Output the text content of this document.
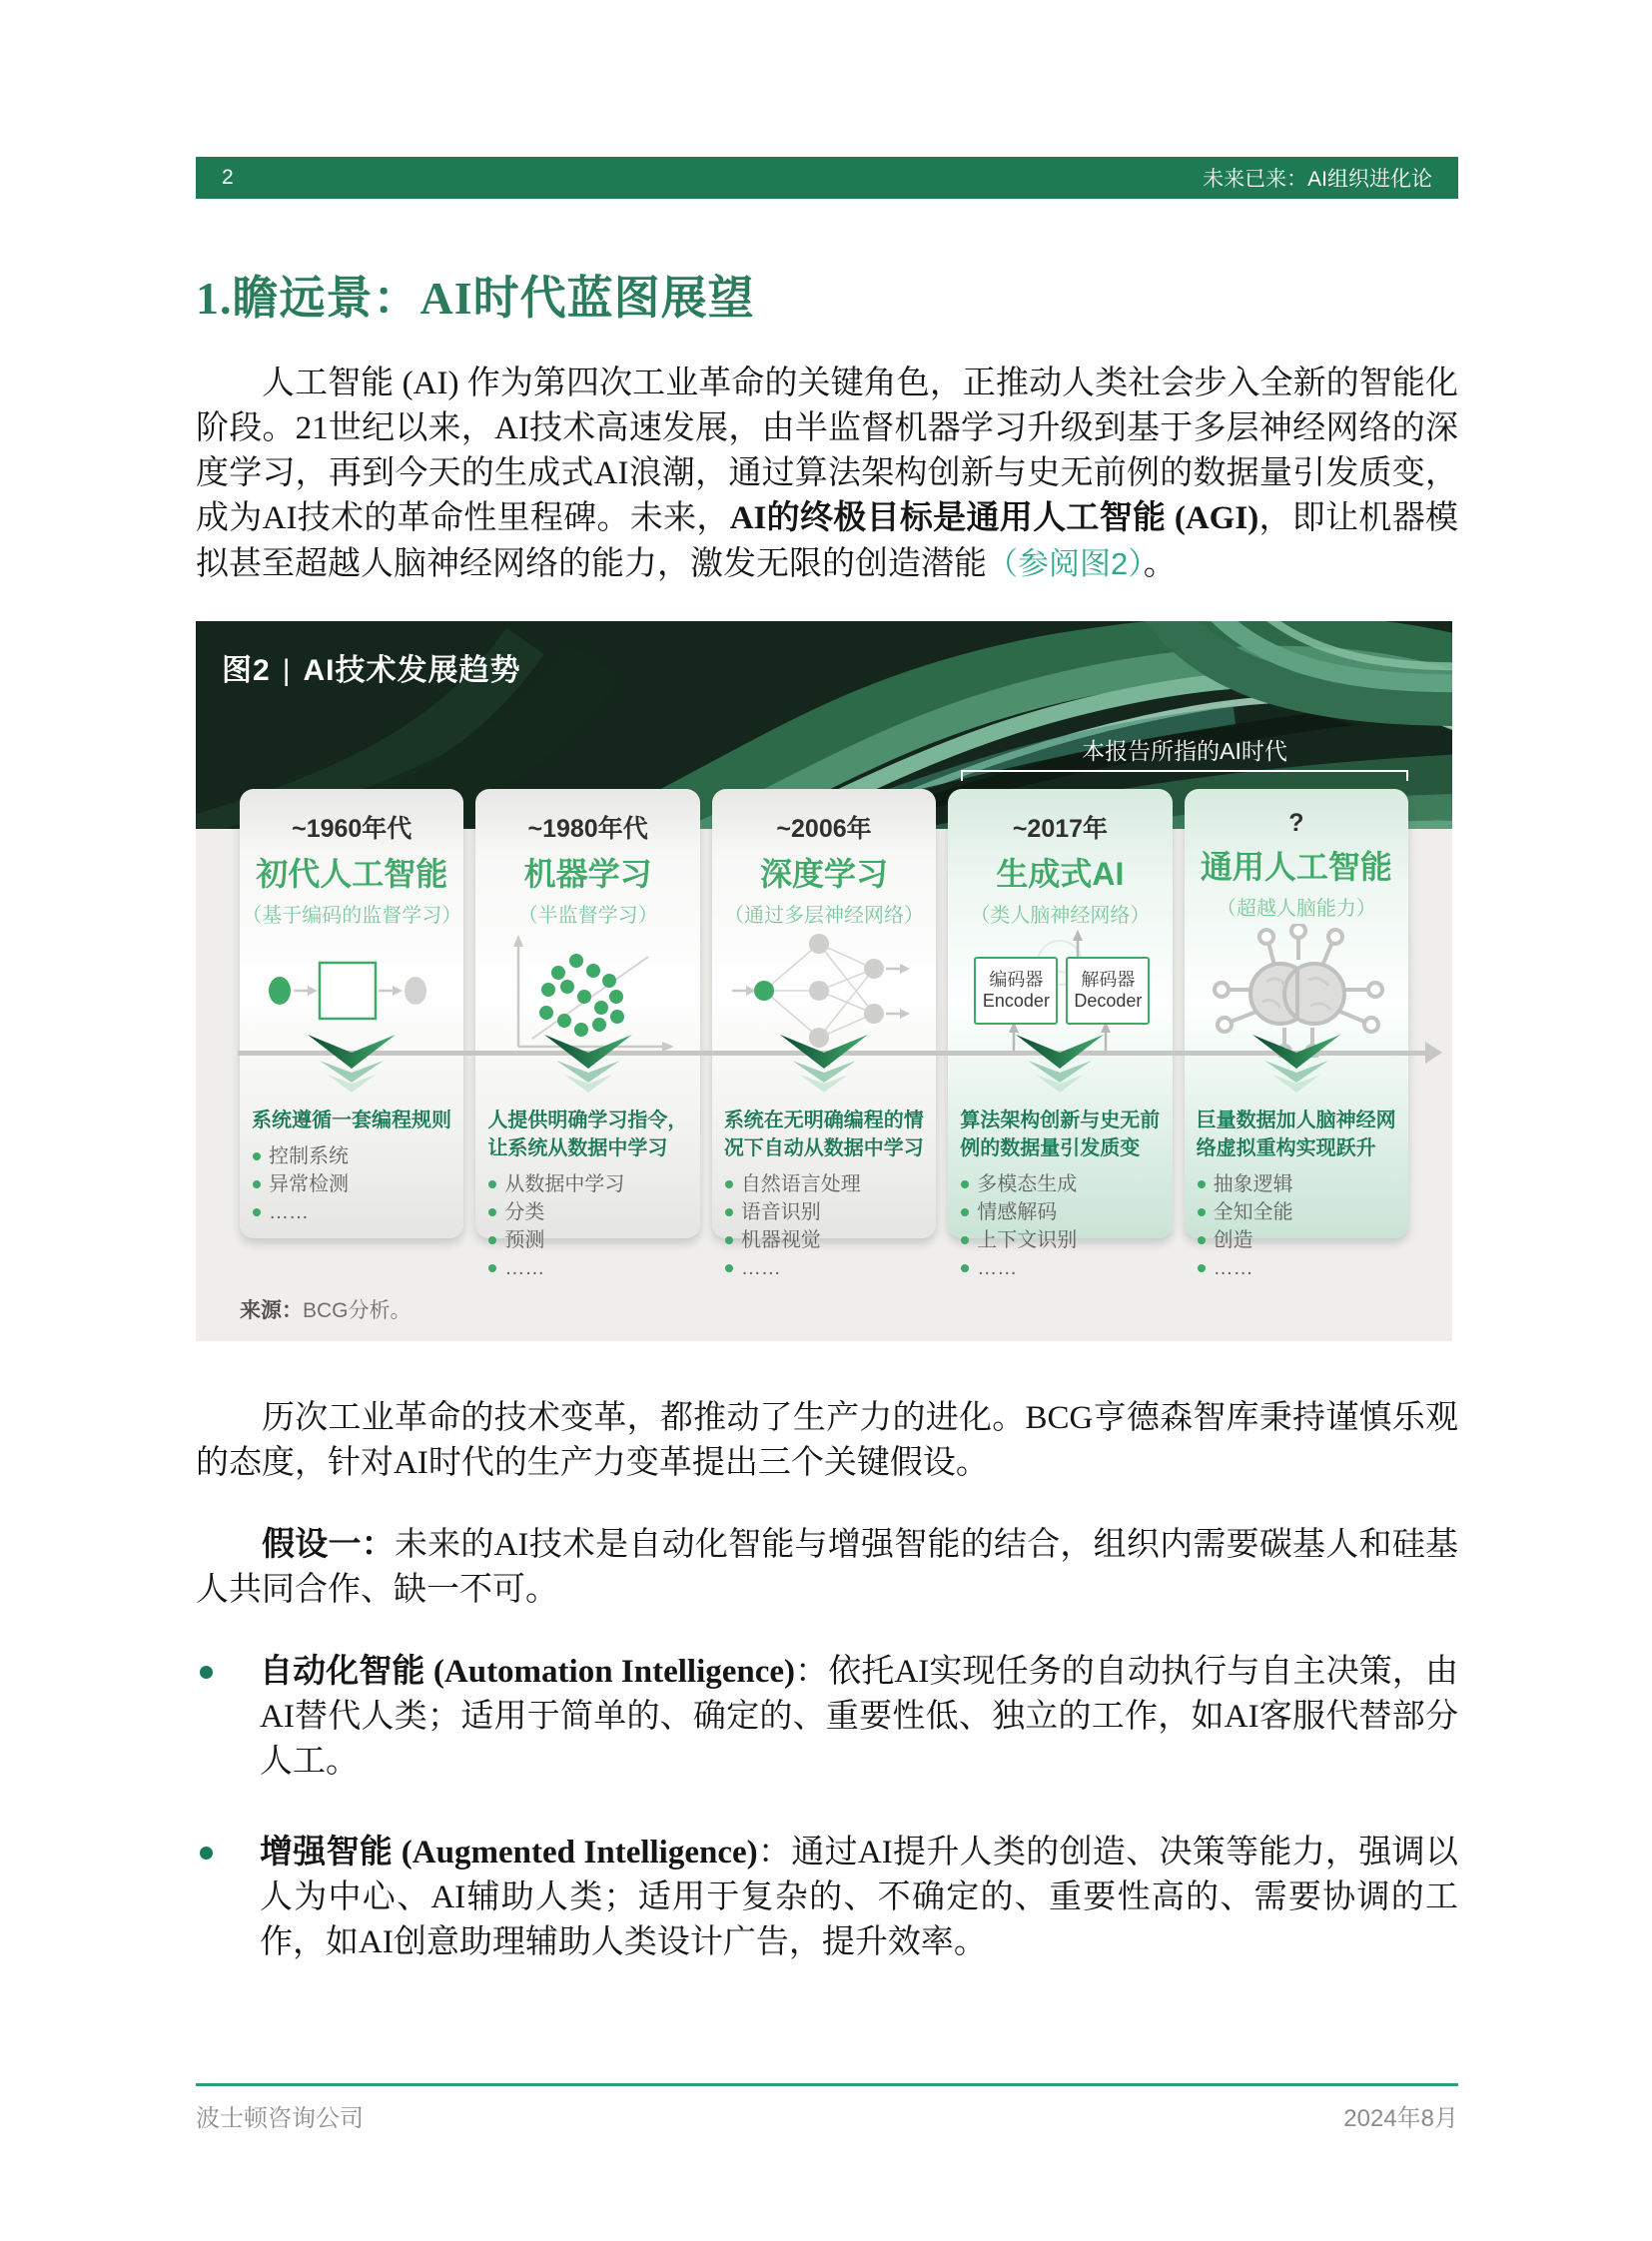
2	未来已来：AI组织进化论
1.瞻远景：AI时代蓝图展望

人工智能 (AI) 作为第四次工业革命的关键角色，正推动人类社会步入全新的智能化阶段。21世纪以来，AI技术高速发展，由半监督机器学习升级到基于多层神经网络的深度学习，再到今天的生成式AI浪潮，通过算法架构创新与史无前例的数据量引发质变，成为AI技术的革命性里程碑。未来，AI的终极目标是通用人工智能 (AGI)，即让机器模拟甚至超越人脑神经网络的能力，激发无限的创造潜能（参阅图2）。

图2 | AI技术发展趋势
本报告所指的AI时代
~1960年代
初代人工智能
（基于编码的监督学习）
系统遵循一套编程规则
控制系统
异常检测
……
~1980年代
机器学习
（半监督学习）
人提供明确学习指令，让系统从数据中学习
从数据中学习
分类
预测
……
~2006年
深度学习
（通过多层神经网络）
系统在无明确编程的情况下自动从数据中学习
自然语言处理
语音识别
机器视觉
……
~2017年
生成式AI
（类人脑神经网络）
编码器
Encoder
解码器
Decoder
算法架构创新与史无前例的数据量引发质变
多模态生成
情感解码
上下文识别
……
?
通用人工智能
（超越人脑能力）
巨量数据加人脑神经网络虚拟重构实现跃升
抽象逻辑
全知全能
创造
……
来源：BCG分析。

历次工业革命的技术变革，都推动了生产力的进化。BCG亨德森智库秉持谨慎乐观的态度，针对AI时代的生产力变革提出三个关键假设。

假设一：未来的AI技术是自动化智能与增强智能的结合，组织内需要碳基人和硅基人共同合作、缺一不可。

自动化智能 (Automation Intelligence)：依托AI实现任务的自动执行与自主决策，由AI替代人类；适用于简单的、确定的、重要性低、独立的工作，如AI客服代替部分人工。
增强智能 (Augmented Intelligence)：通过AI提升人类的创造、决策等能力，强调以人为中心、AI辅助人类；适用于复杂的、不确定的、重要性高的、需要协调的工作，如AI创意助理辅助人类设计广告，提升效率。
波士顿咨询公司	2024年8月
